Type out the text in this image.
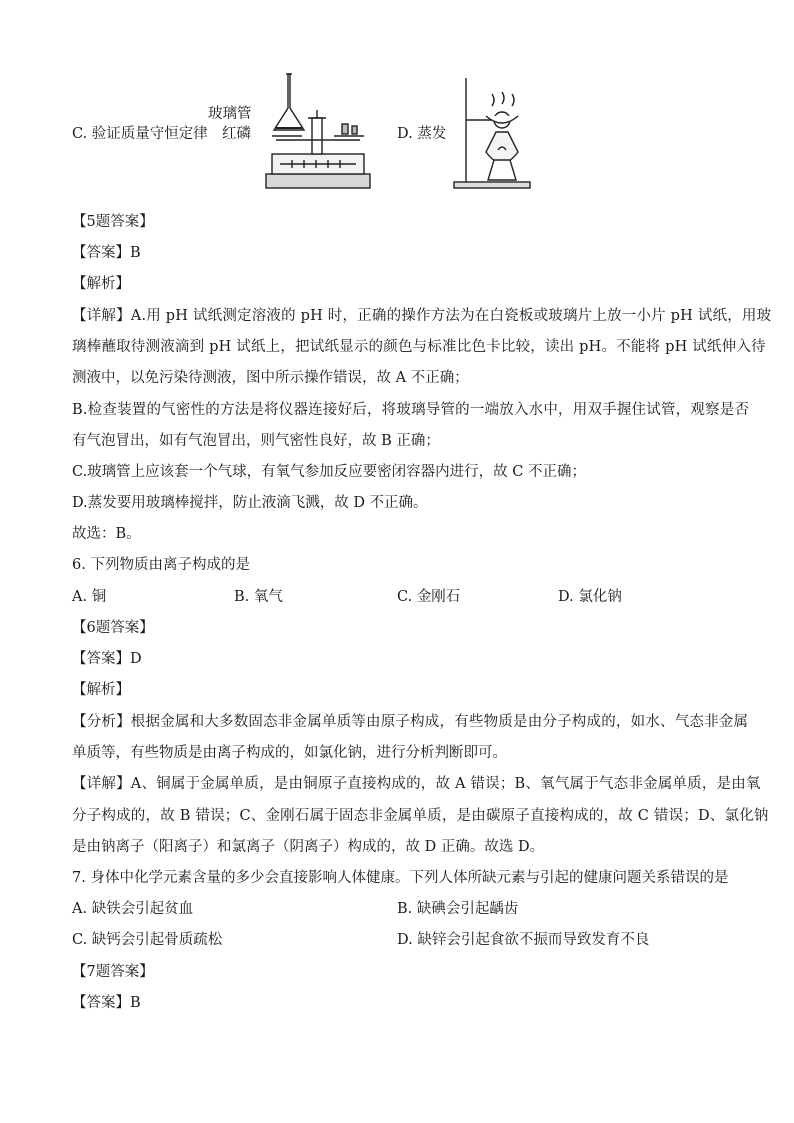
C. 验证质量守恒定律
玻璃管
红磷	D. 蒸发
【5题答案】
【答案】B
【解析】
【详解】A.用 pH 试纸测定溶液的 pH 时，正确的操作方法为在白瓷板或玻璃片上放一小片 pH 试纸，用玻
璃棒蘸取待测液滴到 pH 试纸上，把试纸显示的颜色与标准比色卡比较，读出 pH。不能将 pH 试纸伸入待
测液中，以免污染待测液，图中所示操作错误，故 A 不正确；
B.检查装置的气密性的方法是将仪器连接好后，将玻璃导管的一端放入水中，用双手握住试管，观察是否
有气泡冒出，如有气泡冒出，则气密性良好，故 B 正确；
C.玻璃管上应该套一个气球，有氧气参加反应要密闭容器内进行，故 C 不正确；
D.蒸发要用玻璃棒搅拌，防止液滴飞溅，故 D 不正确。
故选：B。
6. 下列物质由离子构成的是
A. 铜	B. 氧气	C. 金刚石	D. 氯化钠
【6题答案】
【答案】D
【解析】
【分析】根据金属和大多数固态非金属单质等由原子构成，有些物质是由分子构成的，如水、气态非金属
单质等，有些物质是由离子构成的，如氯化钠，进行分析判断即可。
【详解】A、铜属于金属单质，是由铜原子直接构成的，故 A 错误；B、氧气属于气态非金属单质，是由氧
分子构成的，故 B 错误；C、金刚石属于固态非金属单质，是由碳原子直接构成的，故 C 错误；D、氯化钠
是由钠离子（阳离子）和氯离子（阴离子）构成的，故 D 正确。故选 D。
7. 身体中化学元素含量的多少会直接影响人体健康。下列人体所缺元素与引起的健康问题关系错误的是
A. 缺铁会引起贫血	B. 缺碘会引起龋齿
C. 缺钙会引起骨质疏松	D. 缺锌会引起食欲不振而导致发育不良
【7题答案】
【答案】B
